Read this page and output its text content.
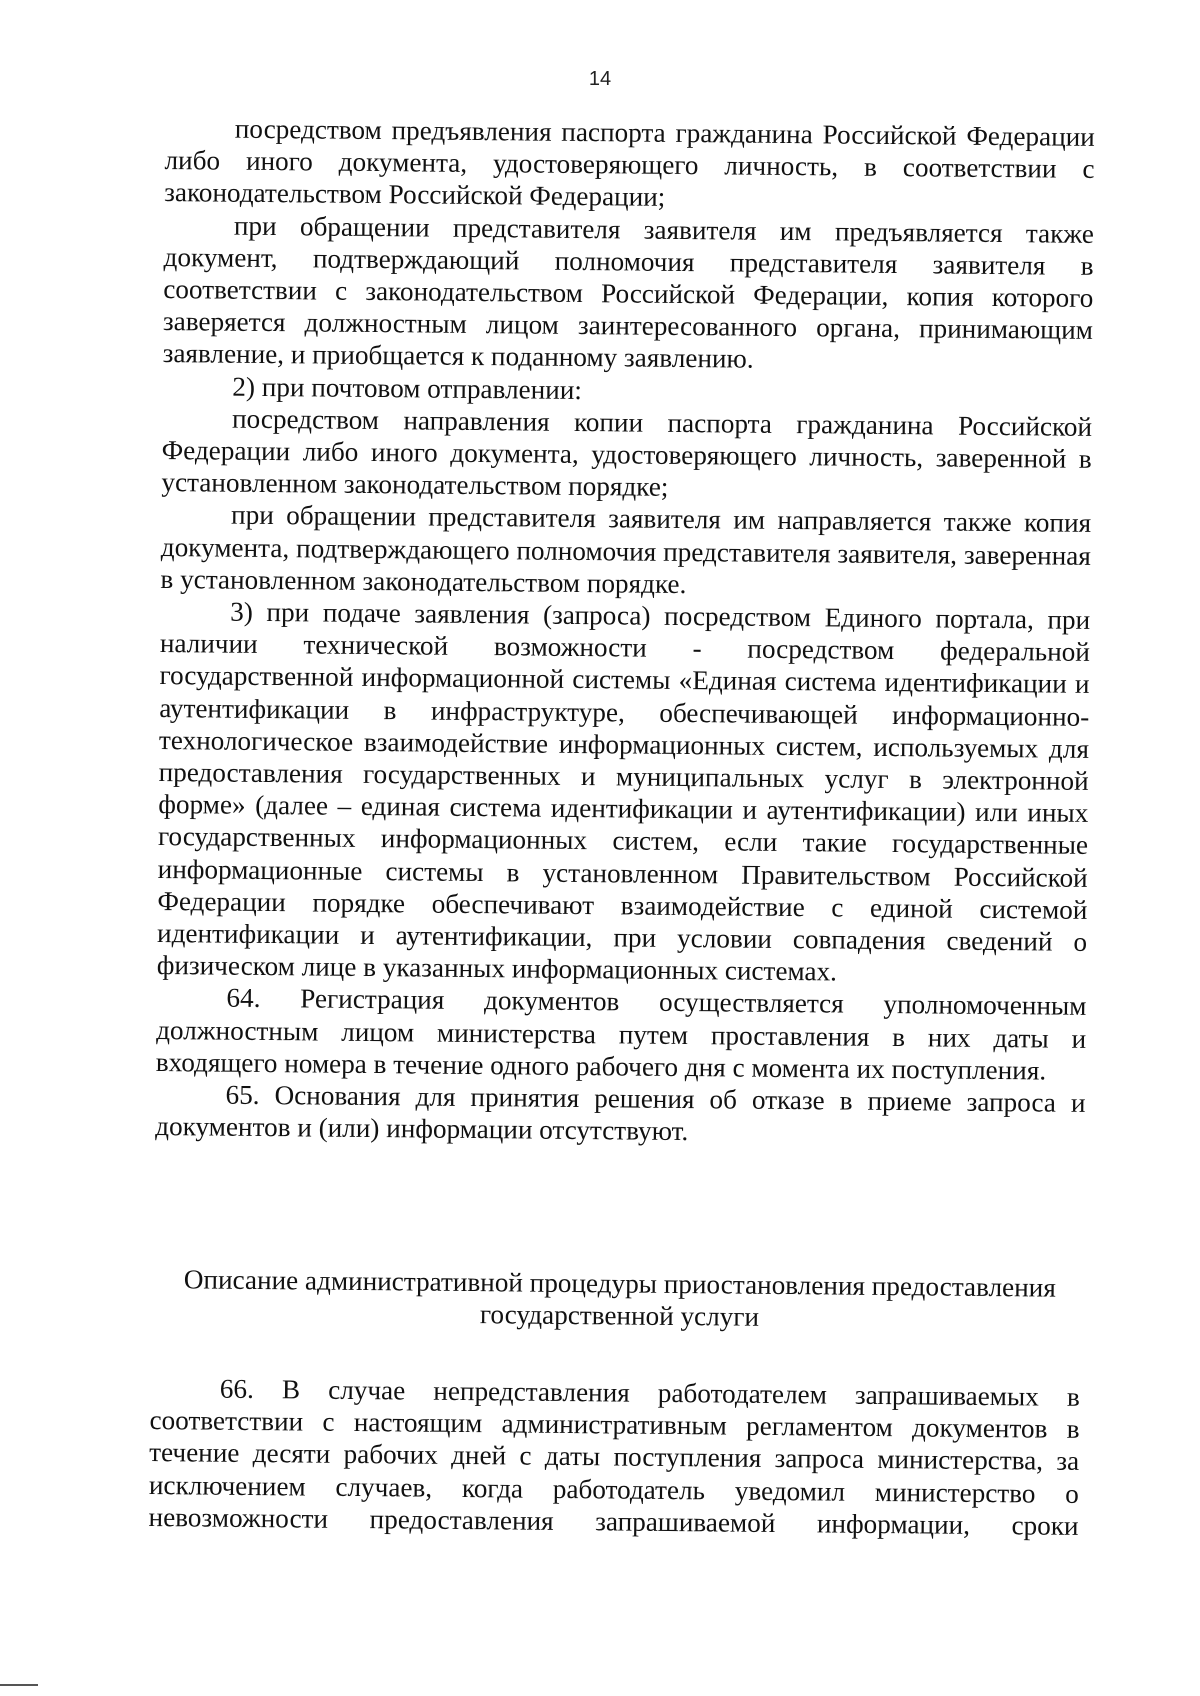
14

посредством предъявления паспорта гражданина Российской Федерации либо иного документа, удостоверяющего личность, в соответствии с законодательством Российской Федерации;

при обращении представителя заявителя им предъявляется также документ, подтверждающий полномочия представителя заявителя в соответствии с законодательством Российской Федерации, копия которого заверяется должностным лицом заинтересованного органа, принимающим заявление, и приобщается к поданному заявлению.

2) при почтовом отправлении:

посредством направления копии паспорта гражданина Российской Федерации либо иного документа, удостоверяющего личность, заверенной в установленном законодательством порядке;

при обращении представителя заявителя им направляется также копия документа, подтверждающего полномочия представителя заявителя, заверенная в установленном законодательством порядке.

3) при подаче заявления (запроса) посредством Единого портала, при наличии технической возможности - посредством федеральной государственной информационной системы «Единая система идентификации и аутентификации в инфраструктуре, обеспечивающей информационно-технологическое взаимодействие информационных систем, используемых для предоставления государственных и муниципальных услуг в электронной форме» (далее – единая система идентификации и аутентификации) или иных государственных информационных систем, если такие государственные информационные системы в установленном Правительством Российской Федерации порядке обеспечивают взаимодействие с единой системой идентификации и аутентификации, при условии совпадения сведений о физическом лице в указанных информационных системах.

64. Регистрация документов осуществляется уполномоченным должностным лицом министерства путем проставления в них даты и входящего номера в течение одного рабочего дня с момента их поступления.

65. Основания для принятия решения об отказе в приеме запроса и документов и (или) информации отсутствуют.

Описание административной процедуры приостановления предоставления

государственной услуги

66. В случае непредставления работодателем запрашиваемых в соответствии с настоящим административным регламентом документов в течение десяти рабочих дней с даты поступления запроса министерства, за исключением случаев, когда работодатель уведомил министерство о невозможности предоставления запрашиваемой информации, сроки
